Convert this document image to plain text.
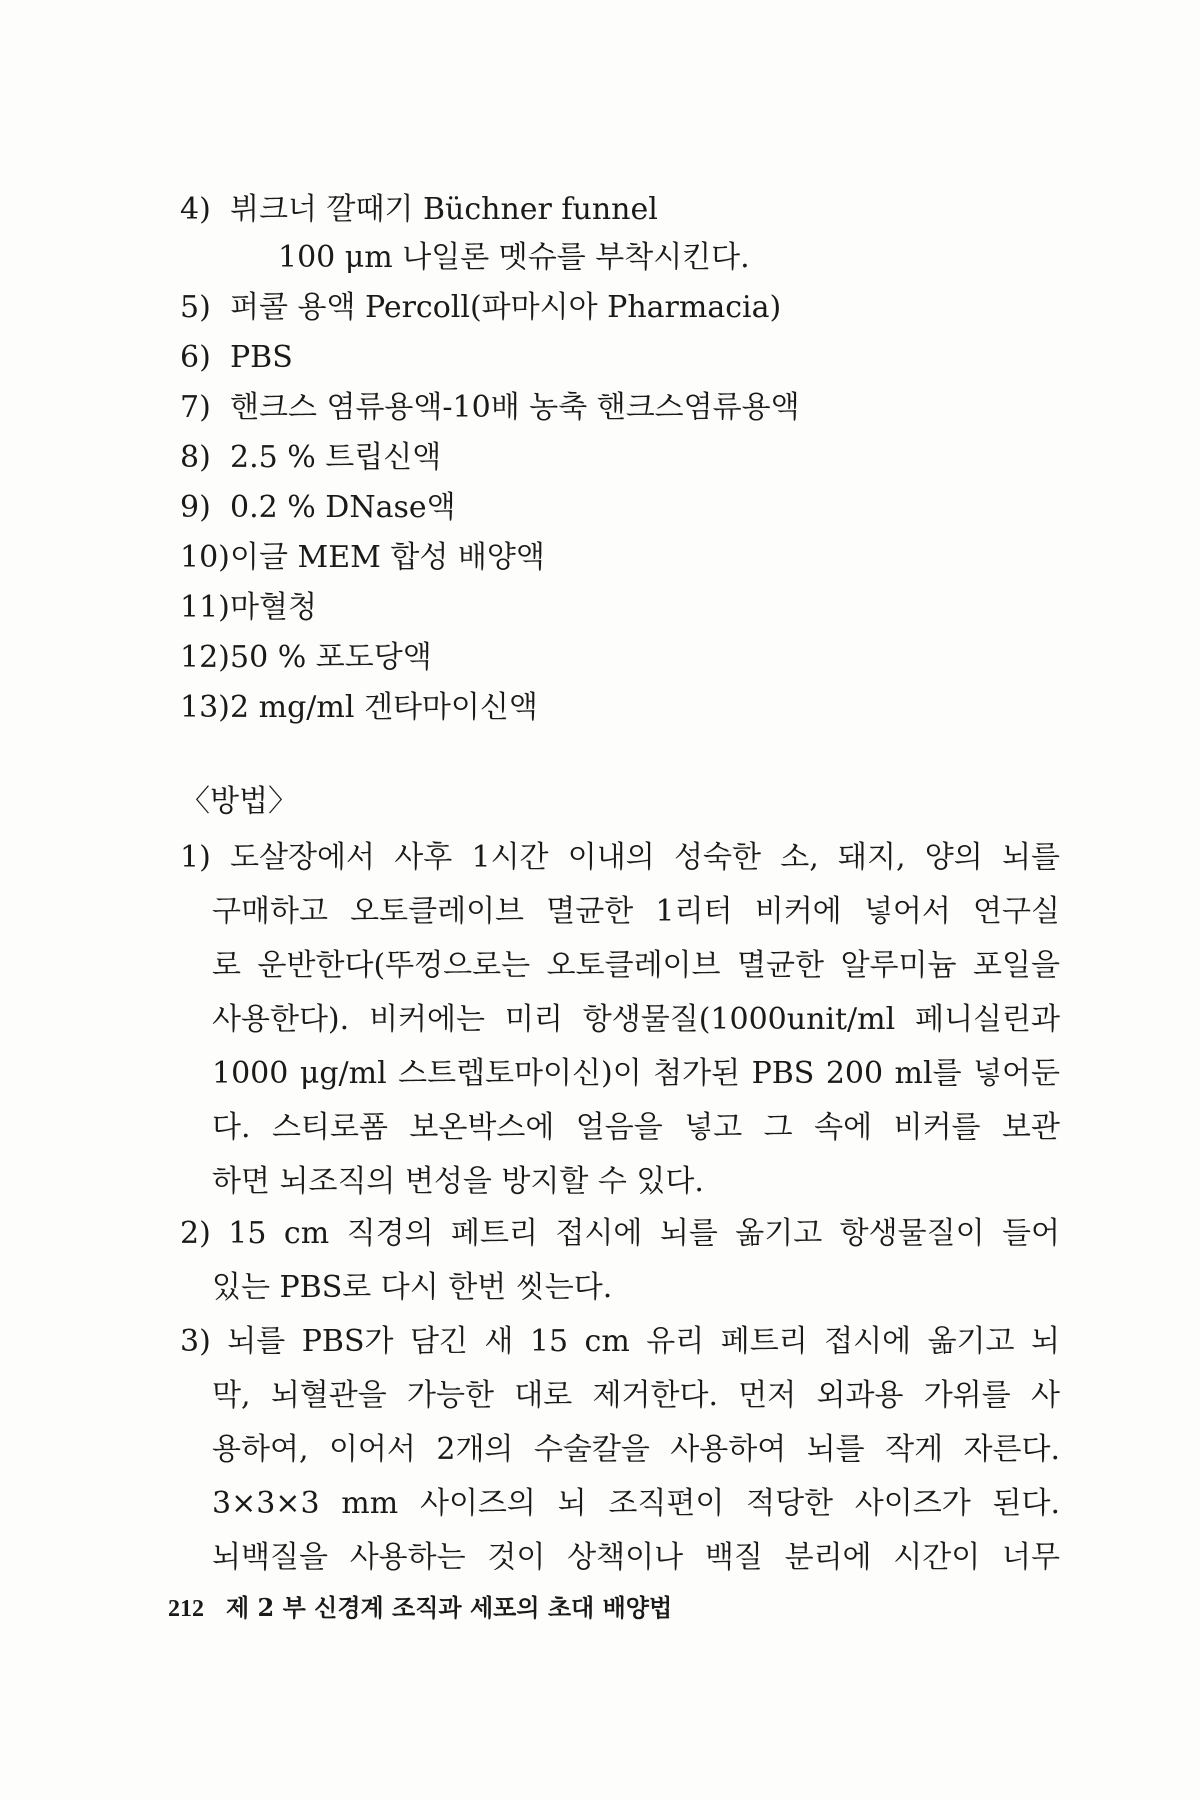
4) 뷔크너 깔때기 Büchner funnel
100 μm 나일론 멧슈를 부착시킨다.
5) 퍼콜 용액 Percoll(파마시아 Pharmacia)
6) PBS
7) 핸크스 염류용액-10배 농축 핸크스염류용액
8) 2.5 % 트립신액
9) 0.2 % DNase액
10)이글 MEM 합성 배양액
11)마혈청
12)50 % 포도당액
13)2 mg/ml 겐타마이신액
〈방법〉
1) 도살장에서 사후 1시간 이내의 성숙한 소, 돼지, 양의 뇌를
구매하고 오토클레이브 멸균한 1리터 비커에 넣어서 연구실
로 운반한다(뚜껑으로는 오토클레이브 멸균한 알루미늄 포일을
사용한다). 비커에는 미리 항생물질(1000unit/ml 페니실린과
1000 μg/ml 스트렙토마이신)이 첨가된 PBS 200 ml를 넣어둔
다. 스티로폼 보온박스에 얼음을 넣고 그 속에 비커를 보관
하면 뇌조직의 변성을 방지할 수 있다.
2) 15 cm 직경의 페트리 접시에 뇌를 옮기고 항생물질이 들어
있는 PBS로 다시 한번 씻는다.
3) 뇌를 PBS가 담긴 새 15 cm 유리 페트리 접시에 옮기고 뇌
막, 뇌혈관을 가능한 대로 제거한다. 먼저 외과용 가위를 사
용하여, 이어서 2개의 수술칼을 사용하여 뇌를 작게 자른다.
3×3×3 mm 사이즈의 뇌 조직편이 적당한 사이즈가 된다.
뇌백질을 사용하는 것이 상책이나 백질 분리에 시간이 너무
212 제 2 부 신경계 조직과 세포의 초대 배양법
